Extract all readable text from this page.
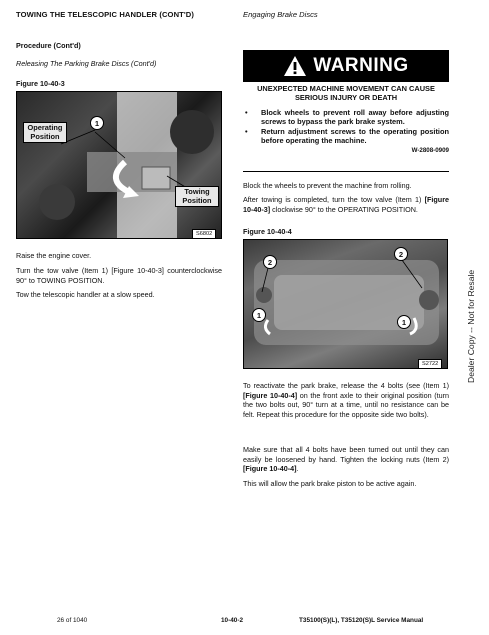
TOWING THE TELESCOPIC HANDLER (CONT'D)
Procedure (Cont'd)
Releasing The Parking Brake Discs (Cont'd)
Figure 10-40-3
Operating Position
Towing Position
1
S6802
Raise the engine cover.
Turn the tow valve (Item 1) [Figure 10-40-3] counterclockwise 90° to TOWING POSITION.
Tow the telescopic handler at a slow speed.
Engaging Brake Discs
WARNING
UNEXPECTED MACHINE MOVEMENT CAN CAUSE SERIOUS INJURY OR DEATH
• Block wheels to prevent roll away before adjusting screws to bypass the park brake system.
• Return adjustment screws to the operating position before operating the machine.
W-2808-0909
Block the wheels to prevent the machine from rolling.
After towing is completed, turn the tow valve (Item 1) [Figure 10-40-3] clockwise 90° to the OPERATING POSITION.
Figure 10-40-4
2
2
1
1
S2722
To reactivate the park brake, release the 4 bolts (see (Item 1) [Figure 10-40-4] on the front axle to their original position (turn the two bolts out, 90° turn at a time, until no resistance can be felt. Repeat this procedure for the opposite side two bolts).
Make sure that all 4 bolts have been turned out until they can easily be loosened by hand. Tighten the locking nuts (Item 2) [Figure 10-40-4].
This will allow the park brake piston to be active again.
Dealer Copy -- Not for Resale
26 of 1040	10-40-2	T35100(S)(L), T35120(S)L Service Manual
